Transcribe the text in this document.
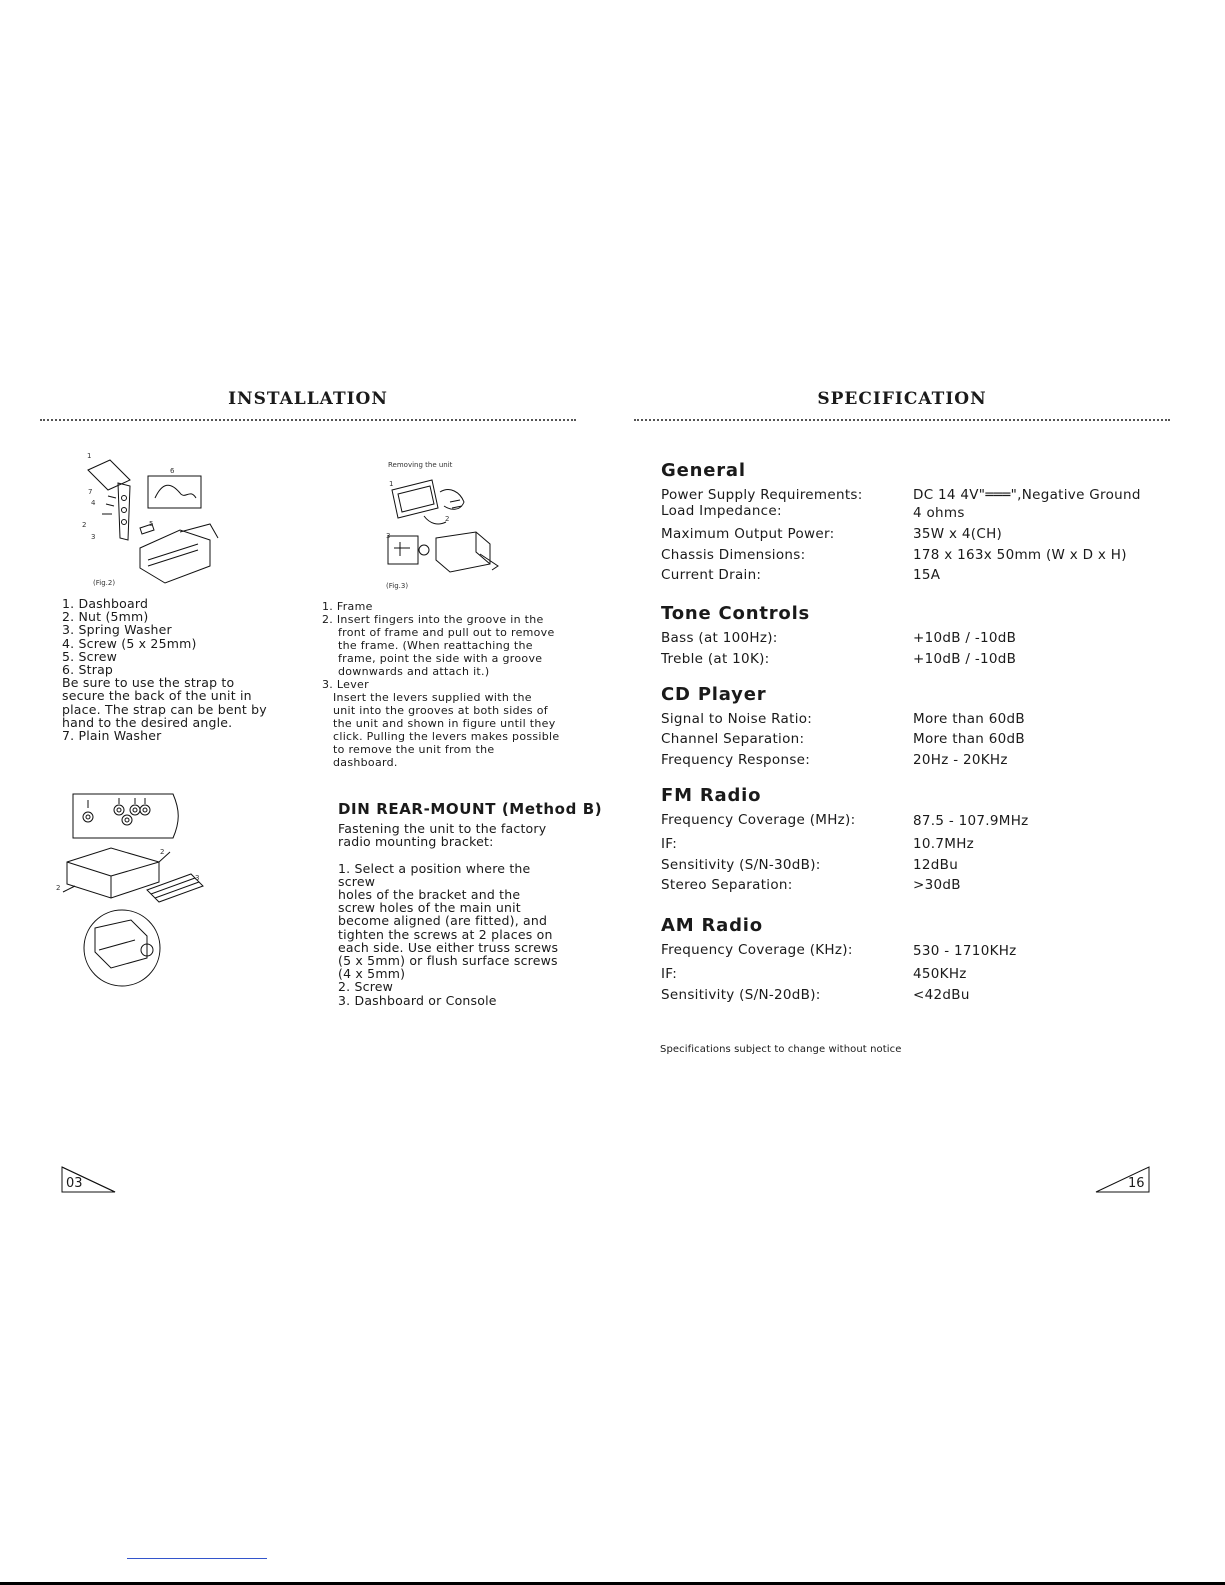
INSTALLATION
1
6
7
4
2
3
5
(Fig.2)
1. Dashboard
2. Nut (5mm)
3. Spring Washer
4. Screw (5 x 25mm)
5. Screw
6. Strap
Be sure to use the strap to
secure the back of the unit in
place. The strap can be bent by
hand to the desired angle.
7. Plain Washer
Removing the unit
1
2
3
(Fig.3)
1. Frame
2. Insert fingers into the groove in the
front of frame and pull out to remove
the frame. (When reattaching the
frame, point the side with a groove
downwards and attach it.)
3. Lever
Insert the levers supplied with the
unit into the grooves at both sides of
the unit and shown in figure until they
click. Pulling the levers makes possible
to remove the unit from the dashboard.
2
2
3
DIN REAR-MOUNT (Method B)
Fastening the unit to the factory
radio mounting bracket:
1. Select a position where the screw
holes of the bracket and the
screw holes of the main unit
become aligned (are fitted), and
tighten the screws at 2 places on
each side. Use either truss screws
(5 x 5mm) or flush surface screws
(4 x 5mm)
2. Screw
3. Dashboard or Console
03
SPECIFICATION
General
Power Supply Requirements:	DC 14 4V"═══",Negative Ground
Load Impedance:	4 ohms
Maximum Output Power:	35W x 4(CH)
Chassis Dimensions:	178 x 163x 50mm (W x D x H)
Current Drain:	15A
Tone Controls
Bass (at 100Hz):	+10dB / -10dB
Treble (at 10K):	+10dB / -10dB
CD Player
Signal to Noise Ratio:	More than 60dB
Channel Separation:	More than 60dB
Frequency Response:	20Hz - 20KHz
FM Radio
Frequency Coverage (MHz):	87.5 - 107.9MHz
IF:	10.7MHz
Sensitivity (S/N-30dB):	12dBu
Stereo Separation:	>30dB
AM Radio
Frequency Coverage (KHz):	530 - 1710KHz
IF:	450KHz
Sensitivity (S/N-20dB):	<42dBu
Specifications subject to change without notice
16
